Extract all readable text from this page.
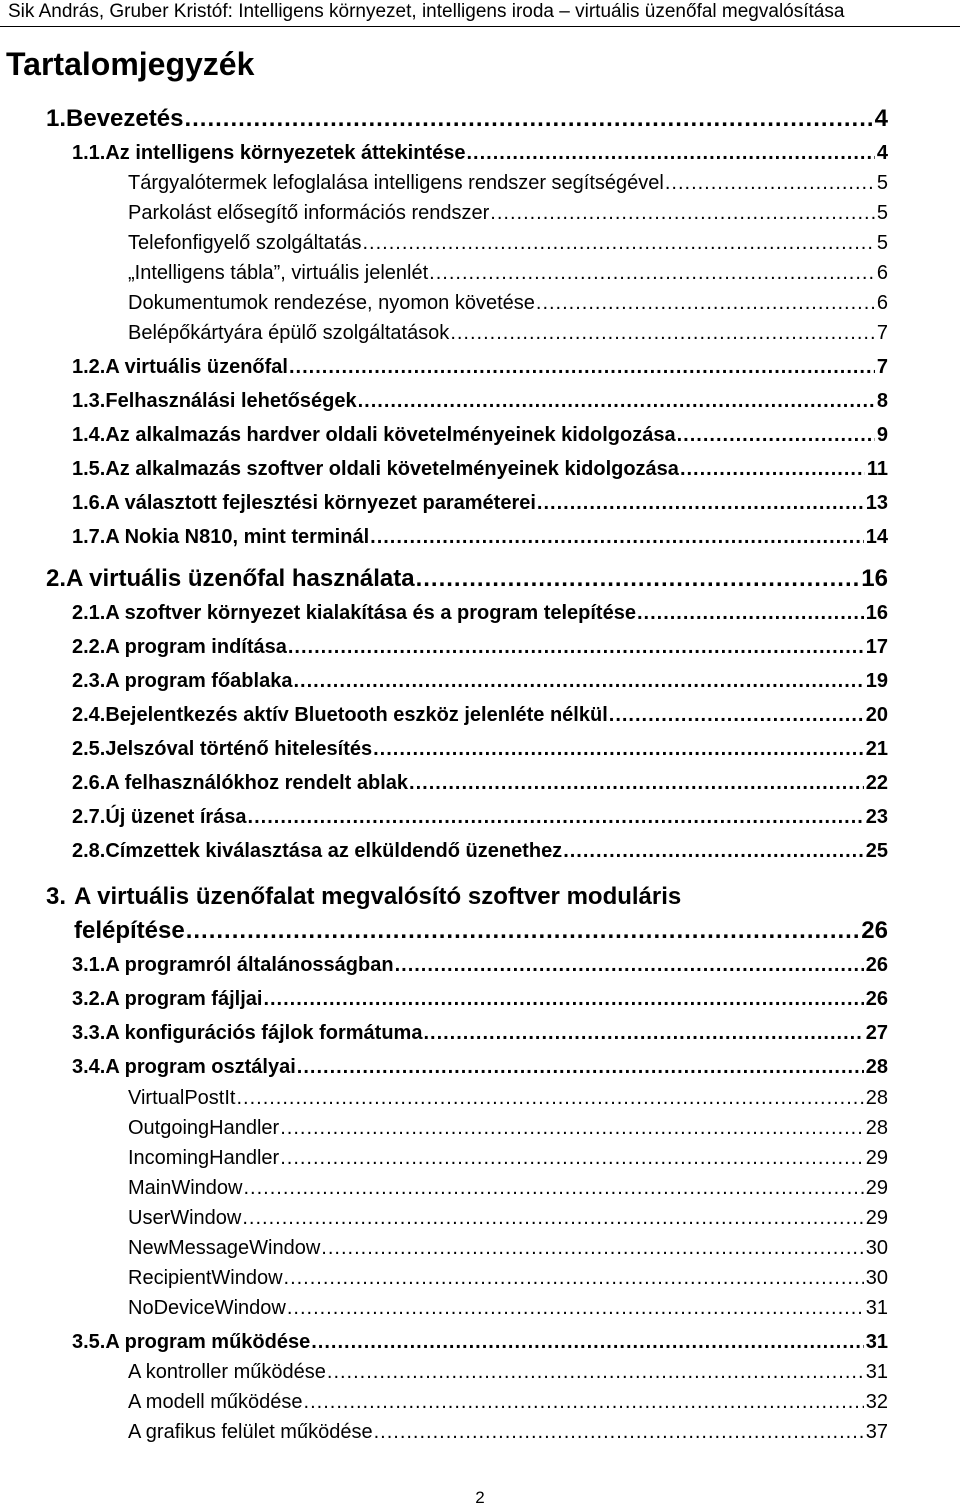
Sik András, Gruber Kristóf: Intelligens környezet, intelligens iroda – virtuális üzenőfal megvalósítása
Tartalomjegyzék
1. Bevezetés .....	4
1.1. Az intelligens környezetek áttekintése .....	4
Tárgyalótermek lefoglalása intelligens rendszer segítségével .....	5
Parkolást elősegítő információs rendszer .....	5
Telefonfigyelő szolgáltatás .....	5
„Intelligens tábla”, virtuális jelenlét .....	6
Dokumentumok rendezése, nyomon követése .....	6
Belépőkártyára épülő szolgáltatások .....	7
1.2. A virtuális üzenőfal .....	7
1.3. Felhasználási lehetőségek .....	8
1.4. Az alkalmazás hardver oldali követelményeinek kidolgozása .....	9
1.5. Az alkalmazás szoftver oldali követelményeinek kidolgozása .....	11
1.6. A választott fejlesztési környezet paraméterei .....	13
1.7. A Nokia N810, mint terminál .....	14
2. A virtuális üzenőfal használata .....	16
2.1. A szoftver környezet kialakítása és a program telepítése .....	16
2.2. A program indítása .....	17
2.3. A program főablaka .....	19
2.4. Bejelentkezés aktív Bluetooth eszköz jelenléte nélkül .....	20
2.5. Jelszóval történő hitelesítés .....	21
2.6. A felhasználókhoz rendelt ablak .....	22
2.7. Új üzenet írása .....	23
2.8. Címzettek kiválasztása az elküldendő üzenethez .....	25
3. A virtuális üzenőfalat megvalósító szoftver moduláris
felépítése .....	26
3.1. A programról általánosságban .....	26
3.2. A program fájljai .....	26
3.3. A konfigurációs fájlok formátuma .....	27
3.4. A program osztályai .....	28
VirtualPostIt .....	28
OutgoingHandler .....	28
IncomingHandler .....	29
MainWindow .....	29
UserWindow .....	29
NewMessageWindow .....	30
RecipientWindow .....	30
NoDeviceWindow .....	31
3.5. A program működése .....	31
A kontroller működése .....	31
A modell működése .....	32
A grafikus felület működése .....	37
2
